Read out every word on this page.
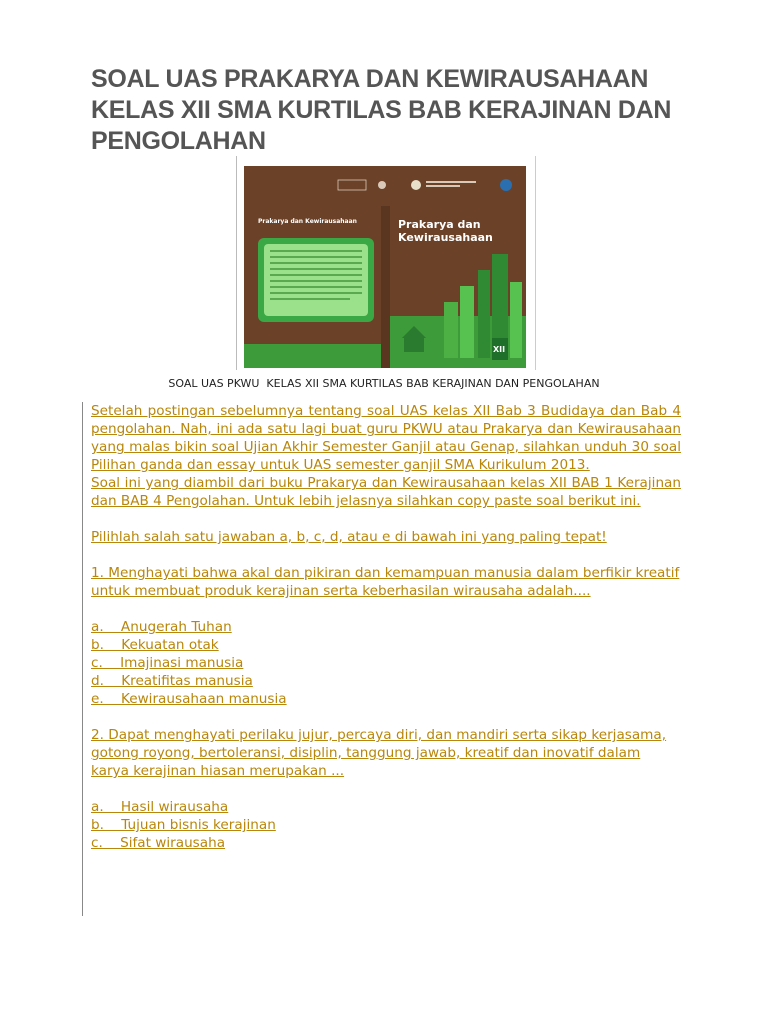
SOAL UAS PRAKARYA DAN KEWIRAUSAHAAN KELAS XII SMA KURTILAS BAB KERAJINAN DAN PENGOLAHAN
Prakarya dan Kewirausahaan	Prakarya dan
Kewirausahaan
XII
SOAL UAS PKWU  KELAS XII SMA KURTILAS BAB KERAJINAN DAN PENGOLAHAN

Setelah postingan sebelumnya tentang soal UAS kelas XII Bab 3 Budidaya dan Bab 4 pengolahan. Nah, ini ada satu lagi buat guru PKWU atau Prakarya dan Kewirausahaan yang malas bikin soal Ujian Akhir Semester Ganjil atau Genap, silahkan unduh 30 soal Pilihan ganda dan essay untuk UAS semester ganjil SMA Kurikulum 2013.

Soal ini yang diambil dari buku Prakarya dan Kewirausahaan kelas XII BAB 1 Kerajinan dan BAB 4 Pengolahan. Untuk lebih jelasnya silahkan copy paste soal berikut ini.

Pilihlah salah satu jawaban a, b, c, d, atau e di bawah ini yang paling tepat!

1. Menghayati bahwa akal dan pikiran dan kemampuan manusia dalam berfikir kreatif untuk membuat produk kerajinan serta keberhasilan wirausaha adalah....

a.    Anugerah Tuhan

b.    Kekuatan otak

c.    Imajinasi manusia

d.    Kreatifitas manusia

e.    Kewirausahaan manusia

2. Dapat menghayati perilaku jujur, percaya diri, dan mandiri serta sikap kerjasama, gotong royong, bertoleransi, disiplin, tanggung jawab, kreatif dan inovatif dalam karya kerajinan hiasan merupakan ...

a.    Hasil wirausaha

b.    Tujuan bisnis kerajinan

c.    Sifat wirausaha
